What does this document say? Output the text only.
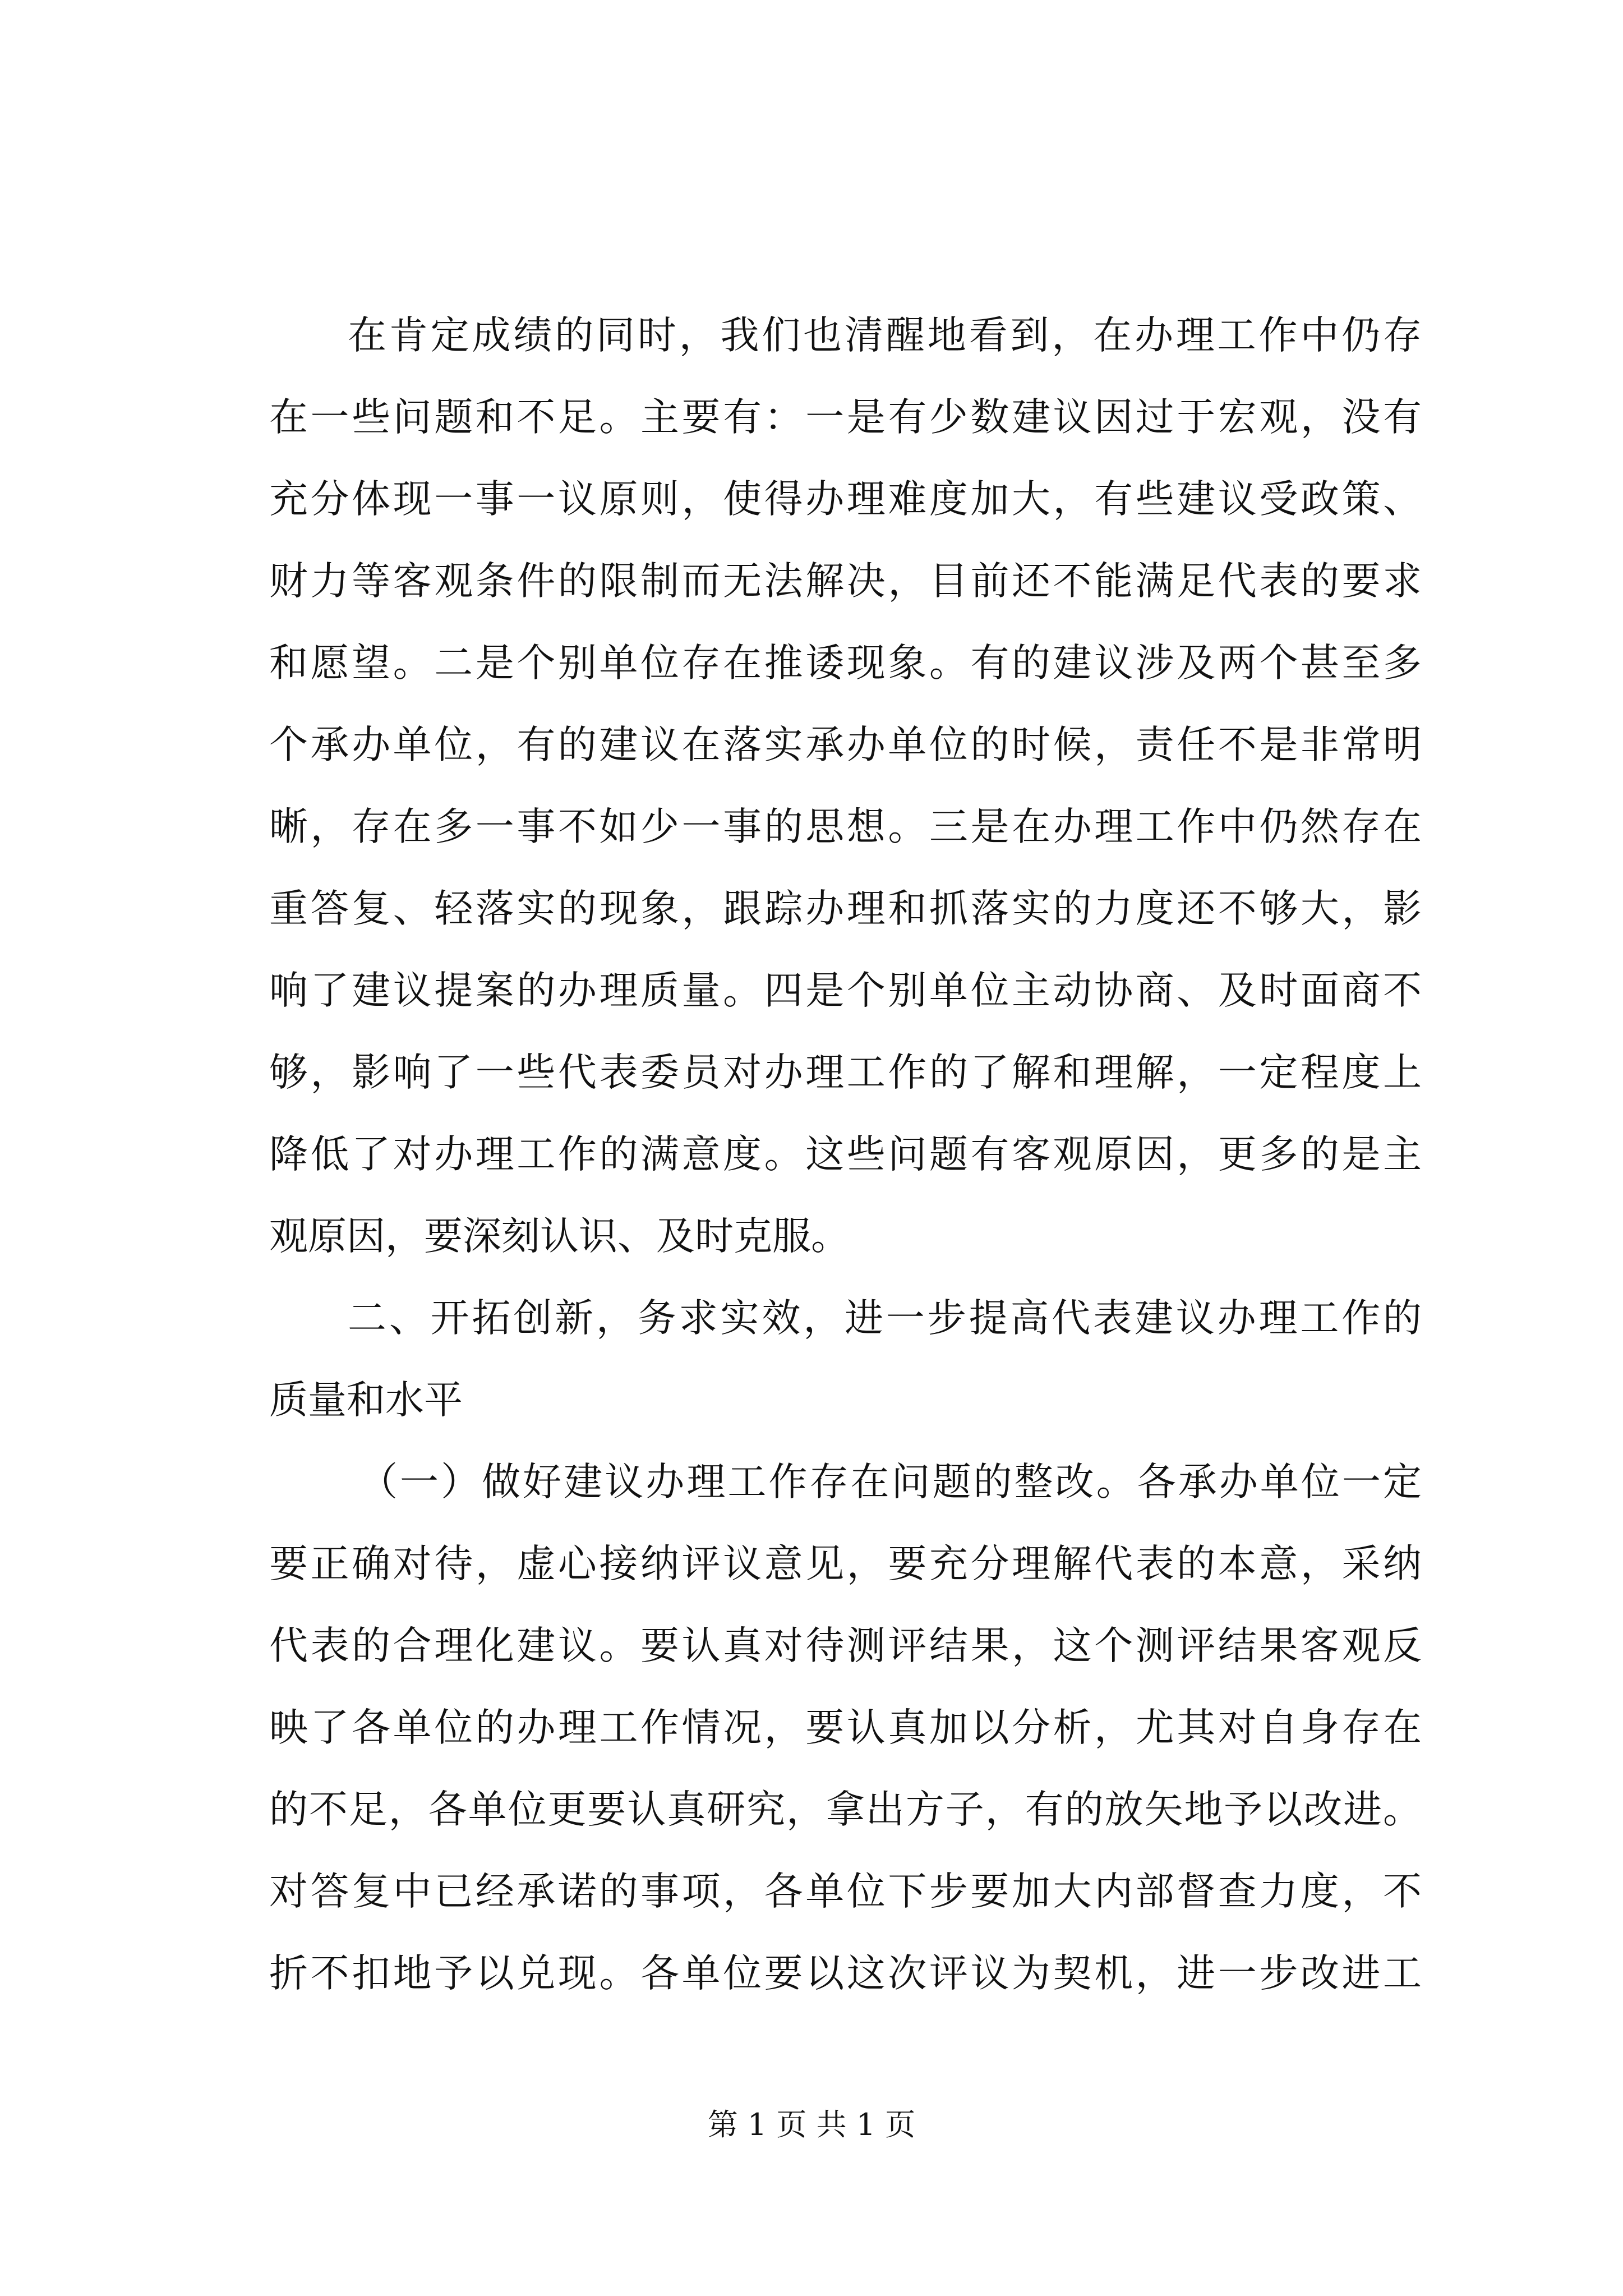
在肯定成绩的同时，我们也清醒地看到，在办理工作中仍存
在一些问题和不足。主要有：一是有少数建议因过于宏观，没有
充分体现一事一议原则，使得办理难度加大，有些建议受政策、
财力等客观条件的限制而无法解决，目前还不能满足代表的要求
和愿望。二是个别单位存在推诿现象。有的建议涉及两个甚至多
个承办单位，有的建议在落实承办单位的时候，责任不是非常明
晰，存在多一事不如少一事的思想。三是在办理工作中仍然存在
重答复、轻落实的现象，跟踪办理和抓落实的力度还不够大，影
响了建议提案的办理质量。四是个别单位主动协商、及时面商不
够，影响了一些代表委员对办理工作的了解和理解，一定程度上
降低了对办理工作的满意度。这些问题有客观原因，更多的是主
观原因，要深刻认识、及时克服。
二、开拓创新，务求实效，进一步提高代表建议办理工作的
质量和水平
（一）做好建议办理工作存在问题的整改。各承办单位一定
要正确对待，虚心接纳评议意见，要充分理解代表的本意，采纳
代表的合理化建议。要认真对待测评结果，这个测评结果客观反
映了各单位的办理工作情况，要认真加以分析，尤其对自身存在
的不足，各单位更要认真研究，拿出方子，有的放矢地予以改进。
对答复中已经承诺的事项，各单位下步要加大内部督查力度，不
折不扣地予以兑现。各单位要以这次评议为契机，进一步改进工
第 1 页 共 1 页
